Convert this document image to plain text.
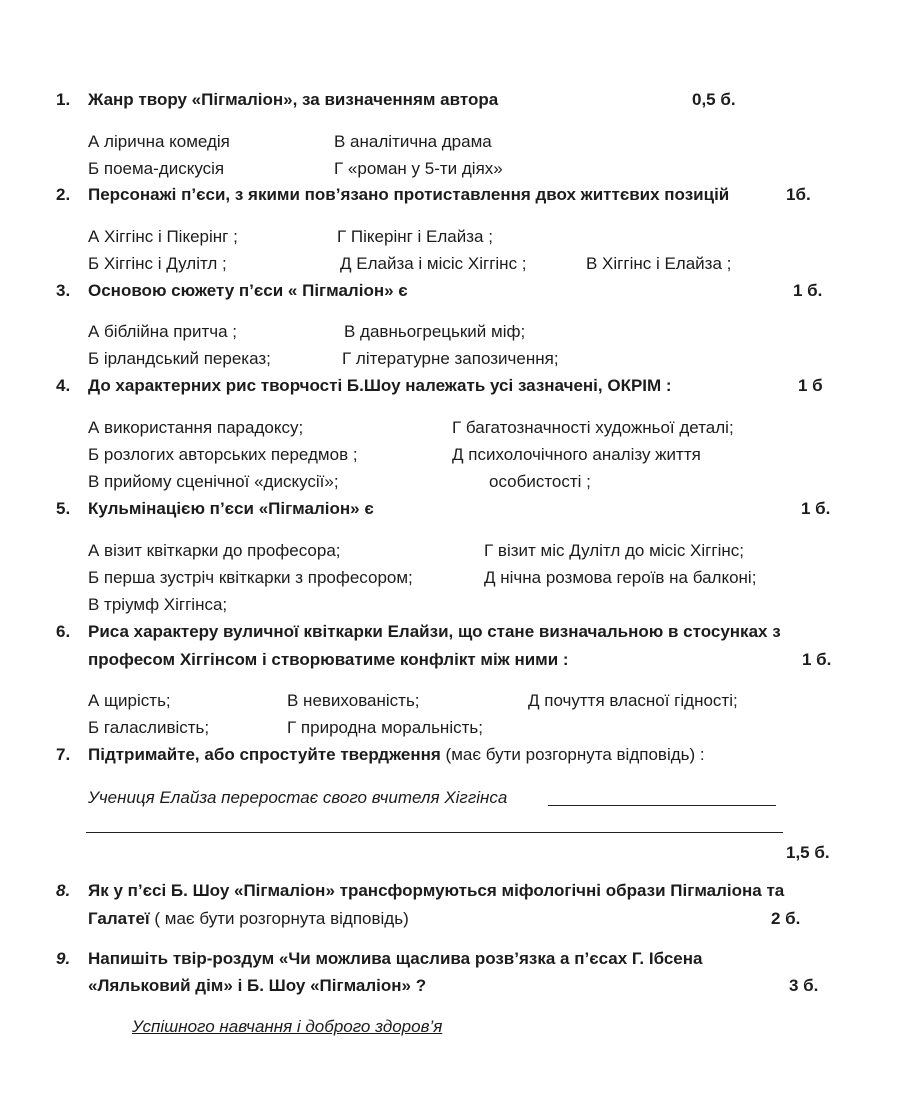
1. Жанр твору «Пігмаліон», за визначенням автора	0,5 б.
А лірична комедія	В аналітична драма
Б поема-дискусія	Г «роман у 5-ти діях»
2. Персонажі п’єси, з якими пов’язано протиставлення двох життєвих позицій	1б.
А Хіггінс і Пікерінг ;	Г Пікерінг і Елайза ;
Б Хіггінс і Дулітл ;	Д Елайза і місіс Хіггінс ;	В Хіггінс і Елайза ;
3. Основою сюжету п’єси « Пігмаліон» є	1 б.
А біблійна притча ;	В давньогрецький міф;
Б ірландський переказ;	Г літературне запозичення;
4. До характерних рис творчості Б.Шоу належать усі зазначені, ОКРІМ :	1 б
А використання парадоксу;	Г багатозначності художньої деталі;
Б розлогих авторських передмов ;	Д психолочічного аналізу життя
В прийому сценічної «дискусії»;	особистості ;
5. Кульмінацією п’єси «Пігмаліон» є	1 б.
А візит квіткарки до професора;	Г візит міс Дулітл до місіс Хіггінс;
Б перша зустріч квіткарки з професором;	Д нічна розмова героїв на балконі;
В тріумф Хіггінса;
6. Риса характеру вуличної квіткарки Елайзи, що стане визначальною в стосунках з
професом Хіггінсом і створюватиме конфлікт між ними :	1 б.
А щирість;	В невихованість;	Д почуття власної гідності;
Б галасливість;	Г природна моральність;
7. Підтримайте, або спростуйте твердження (має бути розгорнута відповідь) :
Учениця Елайза переростає свого вчителя Хіггінса
1,5 б.
8. Як у п’єсі Б. Шоу «Пігмаліон» трансформуються міфологічні образи Пігмаліона та
Галатеї ( має бути розгорнута відповідь)	2 б.
9. Напишіть твір-роздум «Чи можлива щаслива розв’язка а п’єсах Г. Ібсена
«Ляльковий дім» і Б. Шоу «Пігмаліон» ?	3 б.
Успішного навчання і доброго здоров’я
